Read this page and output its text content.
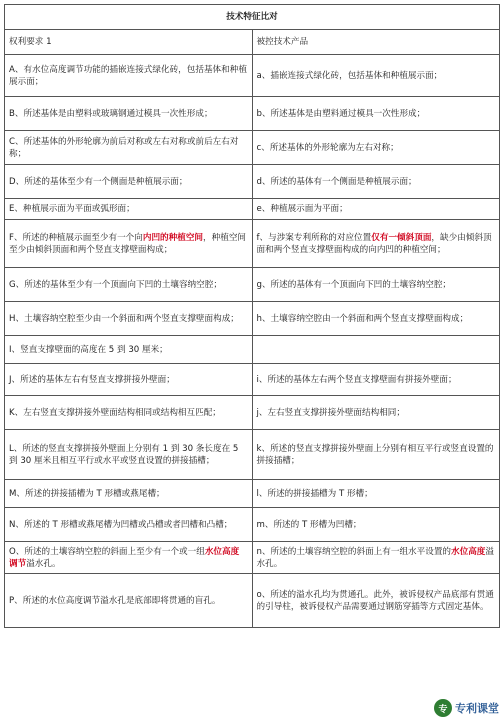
技术特征比对	
权利要求 1	被控技术产品
A、有水位高度调节功能的插嵌连接式绿化砖，包括基体和种植展示面；	a、插嵌连接式绿化砖，包括基体和种植展示面；
B、所述基体是由塑料或玻璃钢通过模具一次性形成；	b、所述基体是由塑料通过模具一次性形成；
C、所述基体的外形轮廓为前后对称或左右对称或前后左右对称；	c、所述基体的外形轮廓为左右对称；
D、所述的基体至少有一个侧面是种植展示面；	d、所述的基体有一个侧面是种植展示面；
E、种植展示面为平面或弧形面；	e、种植展示面为平面；
F、所述的种植展示面至少有一个向内凹的种植空间，种植空间至少由倾斜顶面和两个竖直支撑壁面构成；	f、与涉案专利所称的对应位置仅有一倾斜顶面，缺少由倾斜顶面和两个竖直支撑壁面构成的向内凹的种植空间；
G、所述的基体至少有一个顶面向下凹的土壤容纳空腔；	g、所述的基体有一个顶面向下凹的土壤容纳空腔；
H、土壤容纳空腔至少由一个斜面和两个竖直支撑壁面构成；	h、土壤容纳空腔由一个斜面和两个竖直支撑壁面构成；
I、竖直支撑壁面的高度在 5 到 30 厘米；	
J、所述的基体左右有竖直支撑拼接外壁面；	i、所述的基体左右两个竖直支撑壁面有拼接外壁面；
K、左右竖直支撑拼接外壁面结构相同或结构相互匹配；	j、左右竖直支撑拼接外壁面结构相同；
L、所述的竖直支撑拼接外壁面上分别有 1 到 30 条长度在 5 到 30 厘米且相互平行或水平或竖直设置的拼接插槽；	k、所述的竖直支撑拼接外壁面上分别有相互平行或竖直设置的拼接插槽；
M、所述的拼接插槽为 T 形槽或燕尾槽；	l、所述的拼接插槽为 T 形槽；
N、所述的 T 形槽或燕尾槽为凹槽或凸槽或者凹槽和凸槽；	m、所述的 T 形槽为凹槽；
O、所述的土壤容纳空腔的斜面上至少有一个或一组水位高度调节溢水孔。	n、所述的土壤容纳空腔的斜面上有一组水平设置的水位高度溢水孔。
P、所述的水位高度调节溢水孔是底部即将贯通的盲孔。	o、所述的溢水孔均为贯通孔。此外，被诉侵权产品底部有贯通的引导柱，被诉侵权产品需要通过钢筋穿插等方式固定基体。
专 专利课堂
